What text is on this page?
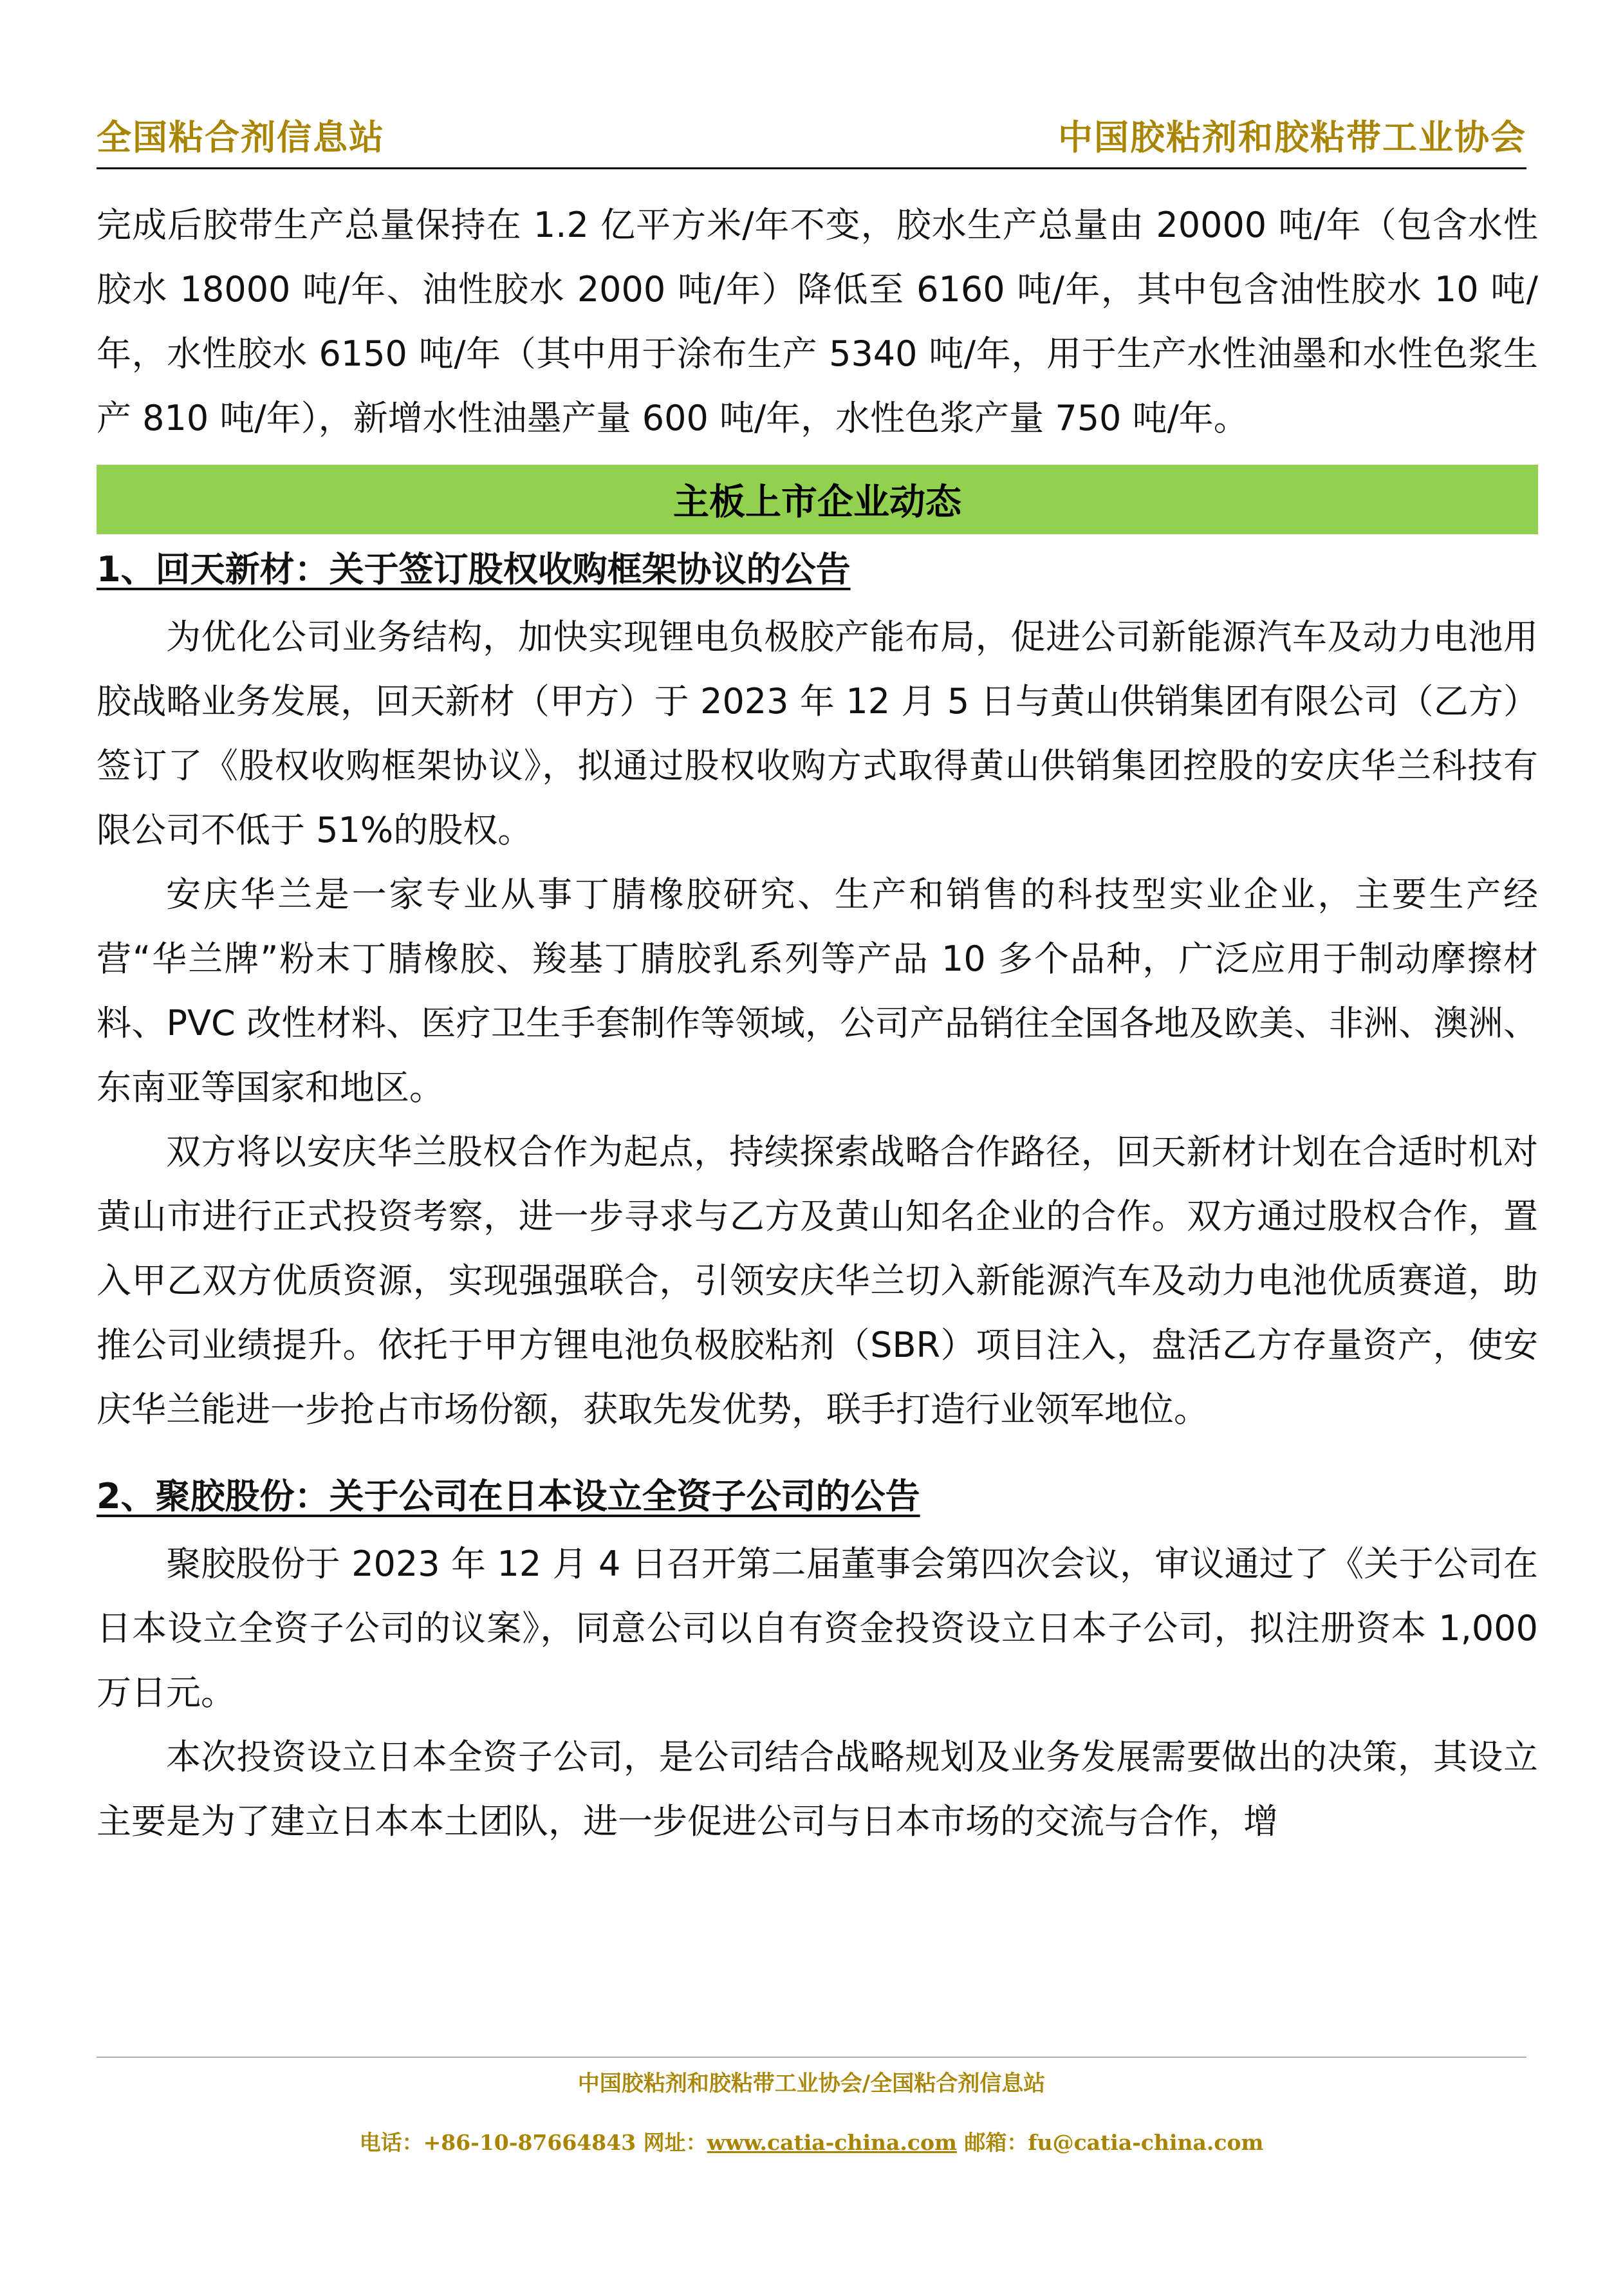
全国粘合剂信息站	中国胶粘剂和胶粘带工业协会

完成后胶带生产总量保持在 1.2 亿平方米/年不变，胶水生产总量由 20000 吨/年（包含水性胶水 18000 吨/年、油性胶水 2000 吨/年）降低至 6160 吨/年，其中包含油性胶水 10 吨/年，水性胶水 6150 吨/年（其中用于涂布生产 5340 吨/年，用于生产水性油墨和水性色浆生产 810 吨/年），新增水性油墨产量 600 吨/年，水性色浆产量 750 吨/年。

主板上市企业动态

1、回天新材：关于签订股权收购框架协议的公告

为优化公司业务结构，加快实现锂电负极胶产能布局，促进公司新能源汽车及动力电池用胶战略业务发展，回天新材（甲方）于 2023 年 12 月 5 日与黄山供销集团有限公司（乙方）签订了《股权收购框架协议》，拟通过股权收购方式取得黄山供销集团控股的安庆华兰科技有限公司不低于 51%的股权。

安庆华兰是一家专业从事丁腈橡胶研究、生产和销售的科技型实业企业，主要生产经营“华兰牌”粉末丁腈橡胶、羧基丁腈胶乳系列等产品 10 多个品种，广泛应用于制动摩擦材料、PVC 改性材料、医疗卫生手套制作等领域，公司产品销往全国各地及欧美、非洲、澳洲、东南亚等国家和地区。

双方将以安庆华兰股权合作为起点，持续探索战略合作路径，回天新材计划在合适时机对黄山市进行正式投资考察，进一步寻求与乙方及黄山知名企业的合作。双方通过股权合作，置入甲乙双方优质资源，实现强强联合，引领安庆华兰切入新能源汽车及动力电池优质赛道，助推公司业绩提升。依托于甲方锂电池负极胶粘剂（SBR）项目注入，盘活乙方存量资产，使安庆华兰能进一步抢占市场份额，获取先发优势，联手打造行业领军地位。

2、聚胶股份：关于公司在日本设立全资子公司的公告

聚胶股份于 2023 年 12 月 4 日召开第二届董事会第四次会议，审议通过了《关于公司在日本设立全资子公司的议案》，同意公司以自有资金投资设立日本子公司，拟注册资本 1,000 万日元。

本次投资设立日本全资子公司，是公司结合战略规划及业务发展需要做出的决策，其设立主要是为了建立日本本土团队，进一步促进公司与日本市场的交流与合作，增

中国胶粘剂和胶粘带工业协会/全国粘合剂信息站
电话：+86-10-87664843 网址：www.catia-china.com 邮箱：fu@catia-china.com
